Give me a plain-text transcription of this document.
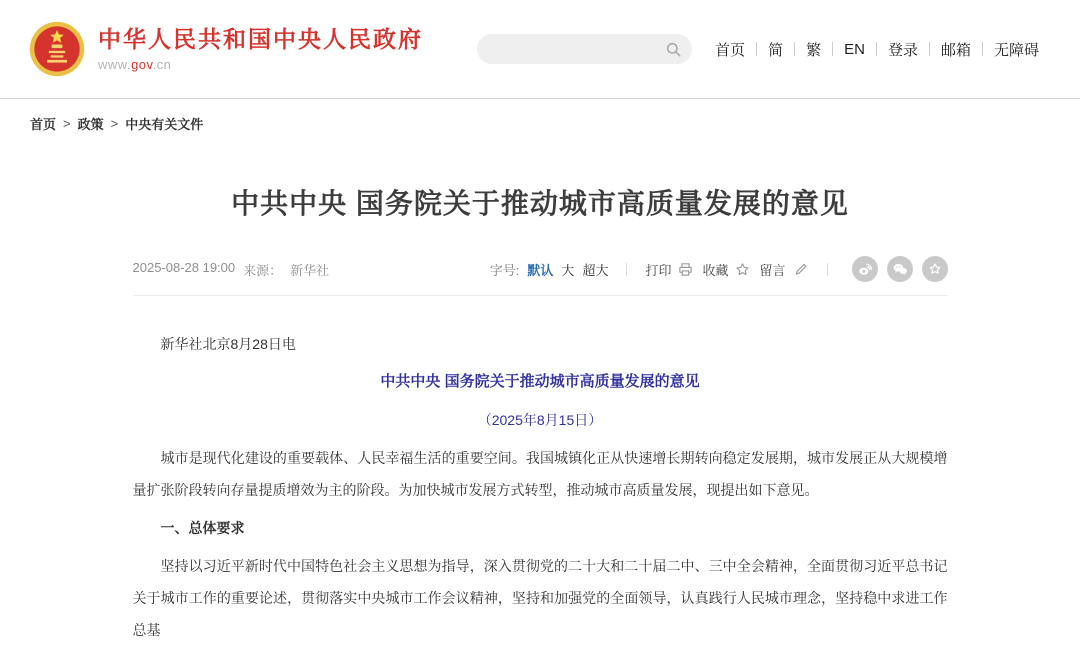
中华人民共和国中央人民政府
www.gov.cn
首页	简	繁	EN	登录	邮箱	无障碍
首页 > 政策 > 中央有关文件
中共中央 国务院关于推动城市高质量发展的意见
2025-08-28 19:00 来源： 新华社	字号: 默认 大 超大	打印 收藏 留言

新华社北京8月28日电

中共中央 国务院关于推动城市高质量发展的意见

（2025年8月15日）

城市是现代化建设的重要载体、人民幸福生活的重要空间。我国城镇化正从快速增长期转向稳定发展期，城市发展正从大规模增量扩张阶段转向存量提质增效为主的阶段。为加快城市发展方式转型，推动城市高质量发展，现提出如下意见。

一、总体要求

坚持以习近平新时代中国特色社会主义思想为指导，深入贯彻党的二十大和二十届二中、三中全会精神，全面贯彻习近平总书记关于城市工作的重要论述，贯彻落实中央城市工作会议精神，坚持和加强党的全面领导，认真践行人民城市理念，坚持稳中求进工作总基
